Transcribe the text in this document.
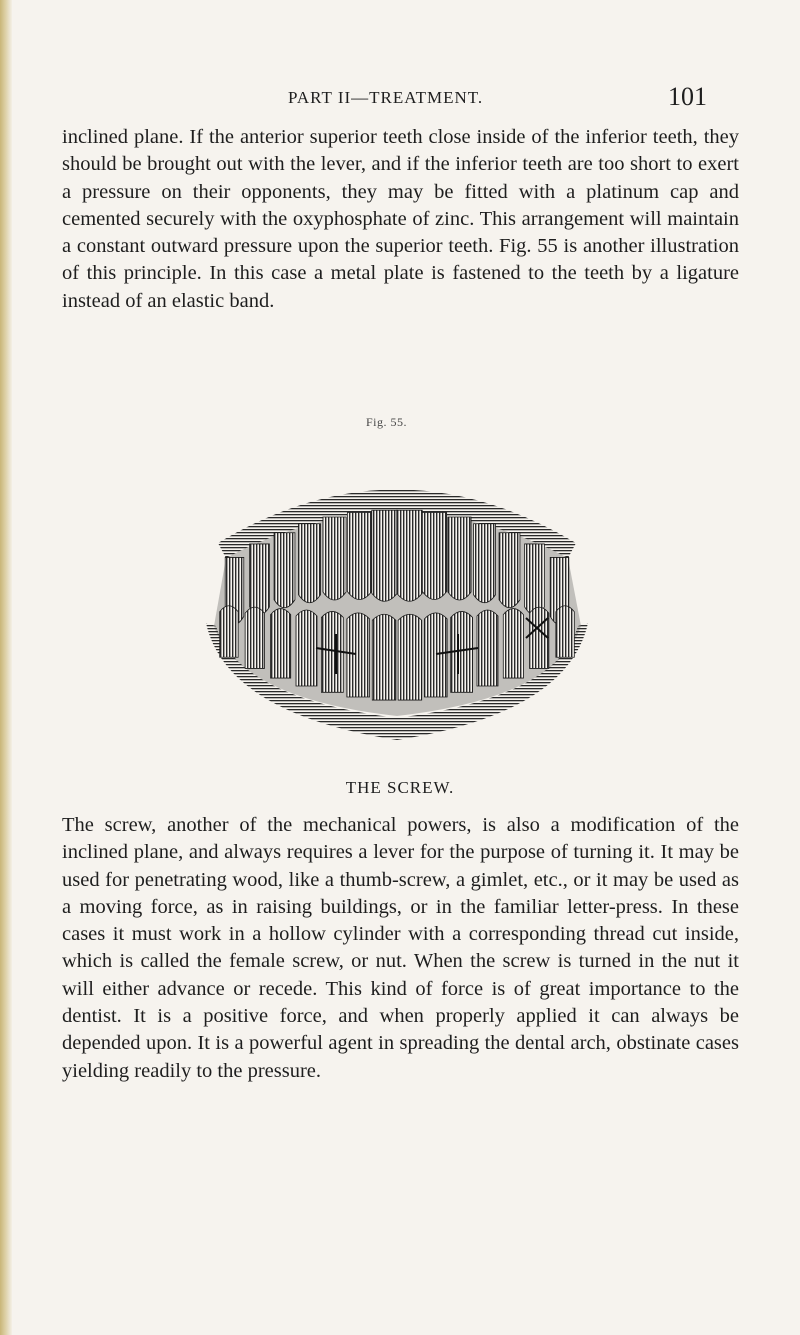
PART II—TREATMENT.	101

inclined plane. If the anterior superior teeth close inside of the inferior teeth, they should be brought out with the lever, and if the inferior teeth are too short to exert a pressure on their opponents, they may be fitted with a platinum cap and cemented securely with the oxyphosphate of zinc. This arrangement will maintain a constant outward pressure upon the superior teeth. Fig. 55 is another illustration of this principle. In this case a metal plate is fastened to the teeth by a ligature instead of an elastic band.

Fig. 55.
THE SCREW.

The screw, another of the mechanical powers, is also a modification of the inclined plane, and always requires a lever for the purpose of turning it. It may be used for penetrating wood, like a thumb-screw, a gimlet, etc., or it may be used as a moving force, as in raising buildings, or in the familiar letter-press. In these cases it must work in a hollow cylinder with a corresponding thread cut inside, which is called the female screw, or nut. When the screw is turned in the nut it will either advance or recede. This kind of force is of great importance to the dentist. It is a positive force, and when properly applied it can always be depended upon. It is a powerful agent in spreading the dental arch, obstinate cases yielding readily to the pressure.
